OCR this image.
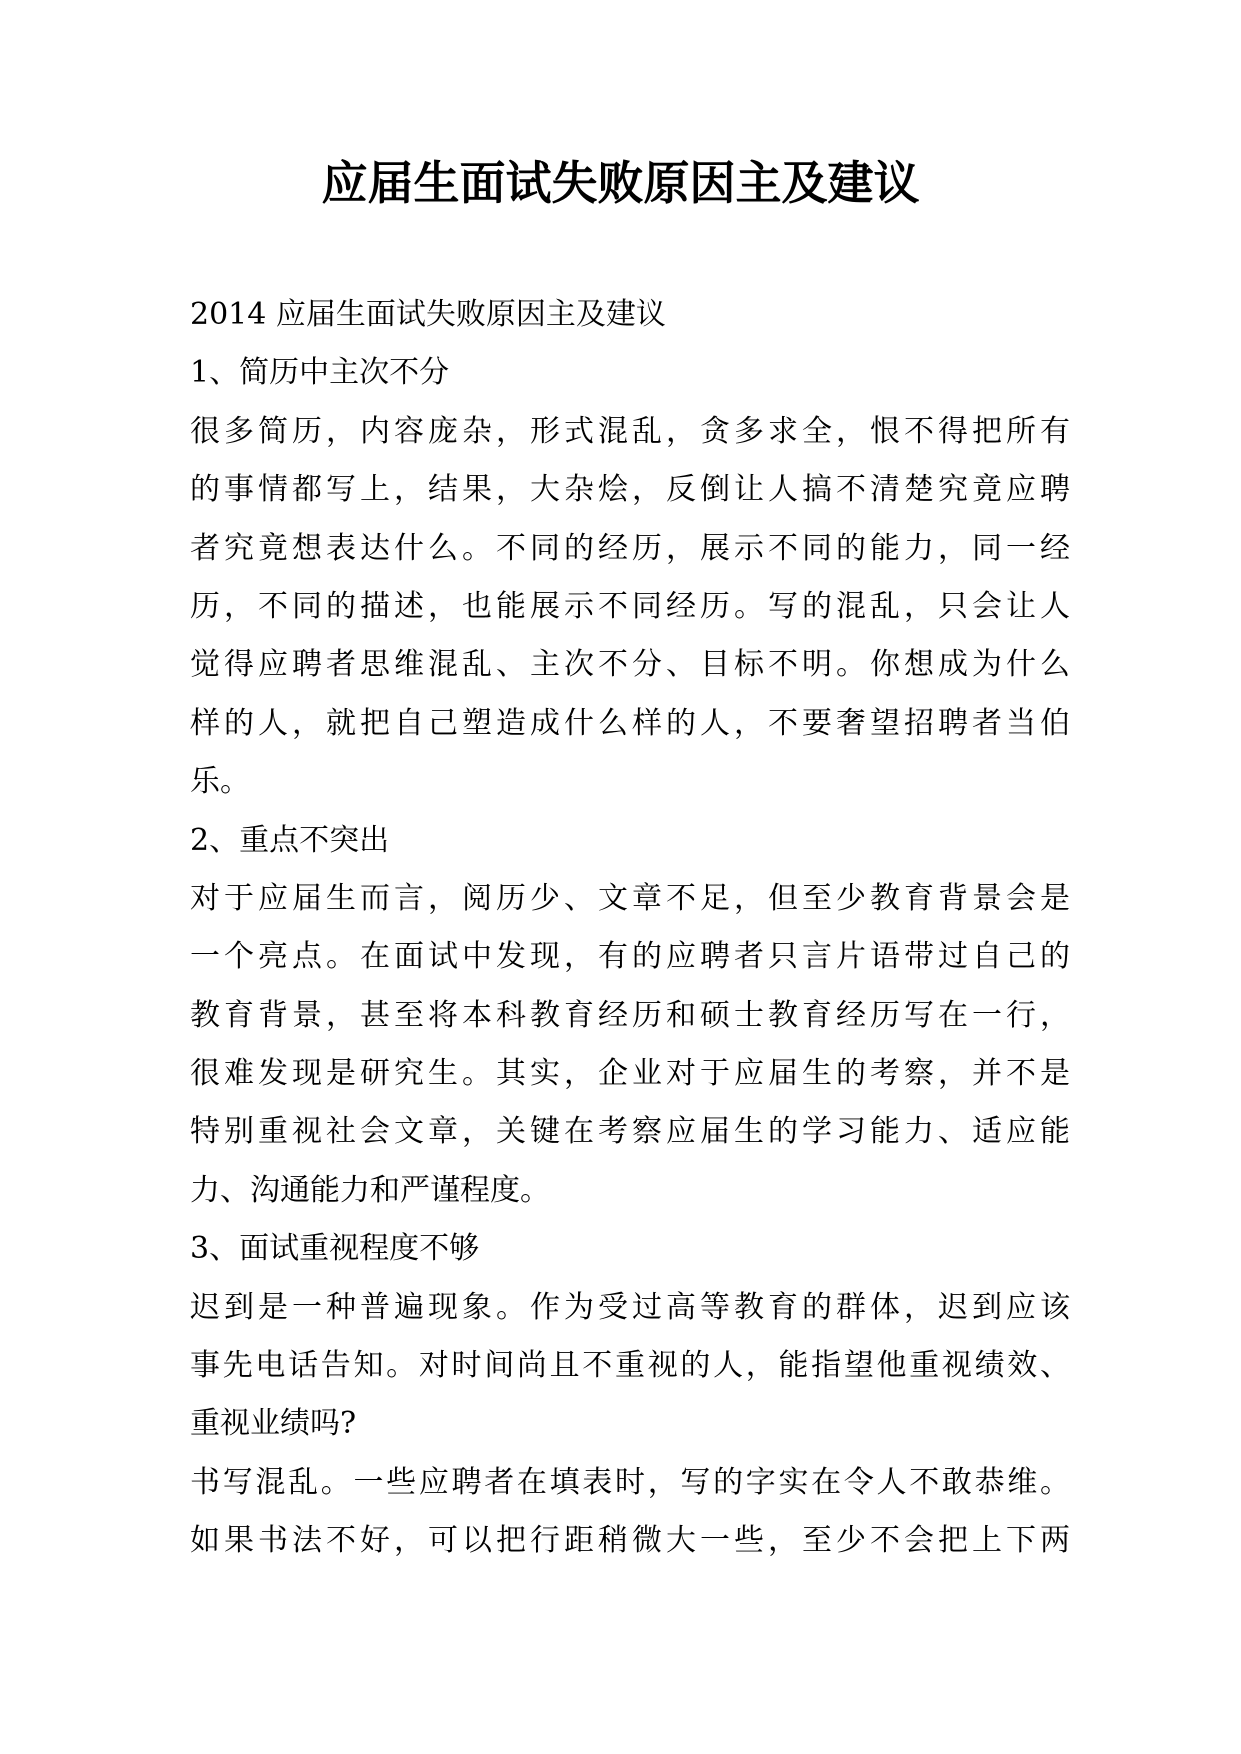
应届生面试失败原因主及建议
2014 应届生面试失败原因主及建议
1、简历中主次不分
很多简历，内容庞杂，形式混乱，贪多求全，恨不得把所有
的事情都写上，结果，大杂烩，反倒让人搞不清楚究竟应聘
者究竟想表达什么。不同的经历，展示不同的能力，同一经
历，不同的描述，也能展示不同经历。写的混乱，只会让人
觉得应聘者思维混乱、主次不分、目标不明。你想成为什么
样的人，就把自己塑造成什么样的人，不要奢望招聘者当伯
乐。
2、重点不突出
对于应届生而言，阅历少、文章不足，但至少教育背景会是
一个亮点。在面试中发现，有的应聘者只言片语带过自己的
教育背景，甚至将本科教育经历和硕士教育经历写在一行，
很难发现是研究生。其实，企业对于应届生的考察，并不是
特别重视社会文章，关键在考察应届生的学习能力、适应能
力、沟通能力和严谨程度。
3、面试重视程度不够
迟到是一种普遍现象。作为受过高等教育的群体，迟到应该
事先电话告知。对时间尚且不重视的人，能指望他重视绩效、
重视业绩吗?
书写混乱。一些应聘者在填表时，写的字实在令人不敢恭维。
如果书法不好，可以把行距稍微大一些，至少不会把上下两
